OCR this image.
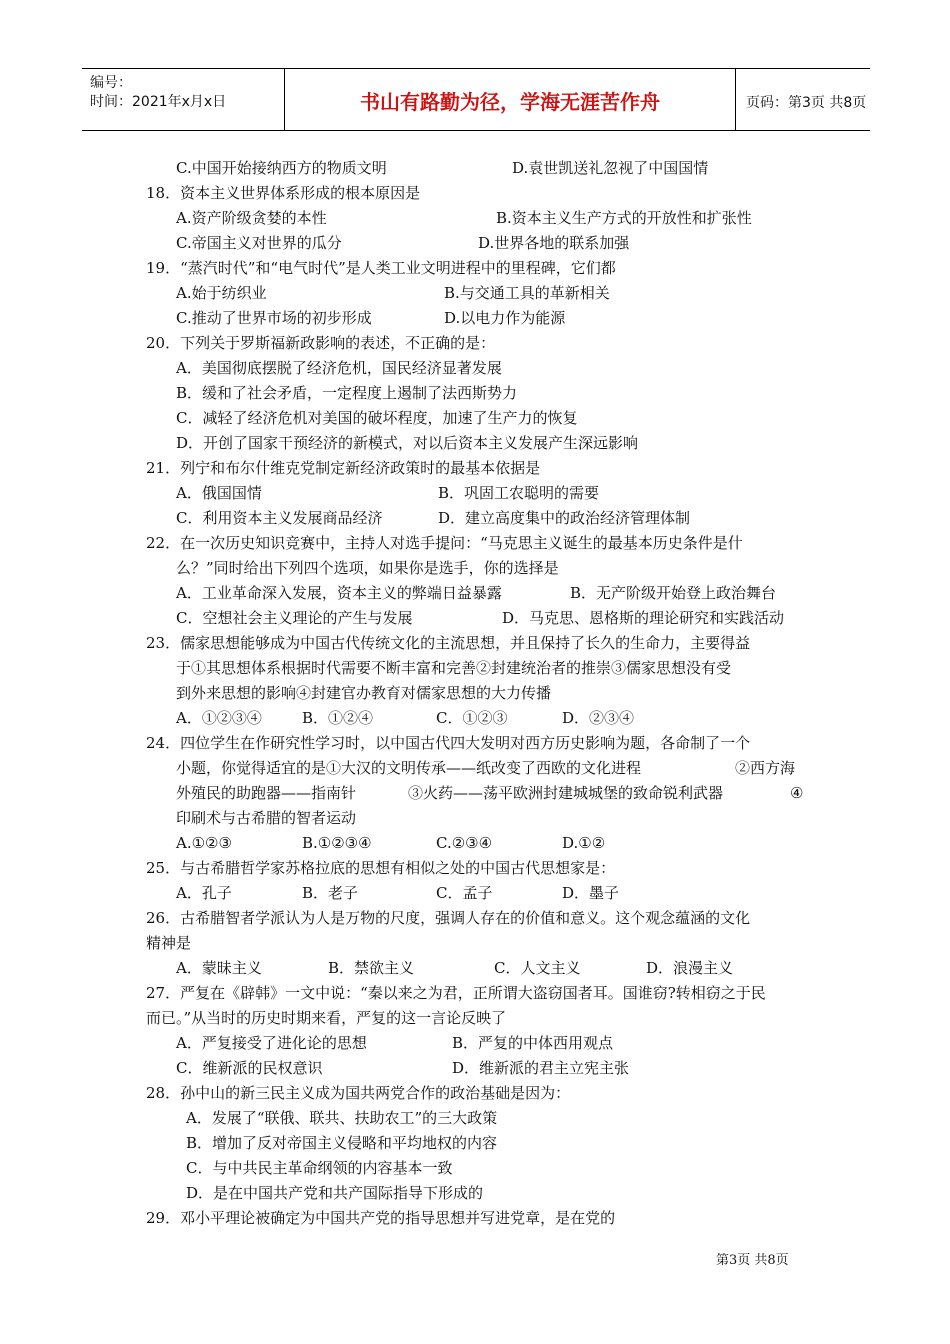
编号：
时间：2021年x月x日	书山有路勤为径，学海无涯苦作舟	页码：第3页 共8页
C.中国开始接纳西方的物质文明	D.袁世凯送礼忽视了中国国情
18．资本主义世界体系形成的根本原因是
A.资产阶级贪婪的本性	B.资本主义生产方式的开放性和扩张性
C.帝国主义对世界的瓜分	D.世界各地的联系加强
19．“蒸汽时代”和“电气时代”是人类工业文明进程中的里程碑，它们都
A.始于纺织业	B.与交通工具的革新相关
C.推动了世界市场的初步形成	D.以电力作为能源
20．下列关于罗斯福新政影响的表述，不正确的是：
A．美国彻底摆脱了经济危机，国民经济显著发展
B．缓和了社会矛盾，一定程度上遏制了法西斯势力
C．减轻了经济危机对美国的破坏程度，加速了生产力的恢复
D．开创了国家干预经济的新模式，对以后资本主义发展产生深远影响
21．列宁和布尔什维克党制定新经济政策时的最基本依据是
A．俄国国情	B．巩固工农聪明的需要
C．利用资本主义发展商品经济	D．建立高度集中的政治经济管理体制
22．在一次历史知识竞赛中，主持人对选手提问：“马克思主义诞生的最基本历史条件是什
么？”同时给出下列四个选项，如果你是选手，你的选择是
A．工业革命深入发展，资本主义的弊端日益暴露	B．无产阶级开始登上政治舞台
C．空想社会主义理论的产生与发展	D．马克思、恩格斯的理论研究和实践活动
23．儒家思想能够成为中国古代传统文化的主流思想，并且保持了长久的生命力，主要得益
于①其思想体系根据时代需要不断丰富和完善②封建统治者的推崇③儒家思想没有受
到外来思想的影响④封建官办教育对儒家思想的大力传播
A．①②③④	B．①②④	C．①②③	D．②③④
24．四位学生在作研究性学习时，以中国古代四大发明对西方历史影响为题，各命制了一个
小题，你觉得适宜的是①大汉的文明传承——纸改变了西欧的文化进程	②西方海
外殖民的助跑器——指南针	③火药——荡平欧洲封建城城堡的致命锐利武器	④
印刷术与古希腊的智者运动
A.①②③	B.①②③④	C.②③④	D.①②
25．与古希腊哲学家苏格拉底的思想有相似之处的中国古代思想家是：
A．孔子	B．老子	C．孟子	D．墨子
26．古希腊智者学派认为人是万物的尺度，强调人存在的价值和意义。这个观念蕴涵的文化
精神是
A．蒙昧主义	B．禁欲主义	C．人文主义	D．浪漫主义
27．严复在《辟韩》一文中说：“秦以来之为君，正所谓大盗窃国者耳。国谁窃?转相窃之于民
而已。”从当时的历史时期来看，严复的这一言论反映了
A．严复接受了进化论的思想	B．严复的中体西用观点
C．维新派的民权意识	D．维新派的君主立宪主张
28．孙中山的新三民主义成为国共两党合作的政治基础是因为：
A．发展了“联俄、联共、扶助农工”的三大政策
B．增加了反对帝国主义侵略和平均地权的内容
C．与中共民主革命纲领的内容基本一致
D．是在中国共产党和共产国际指导下形成的
29．邓小平理论被确定为中国共产党的指导思想并写进党章，是在党的
第3页 共8页
